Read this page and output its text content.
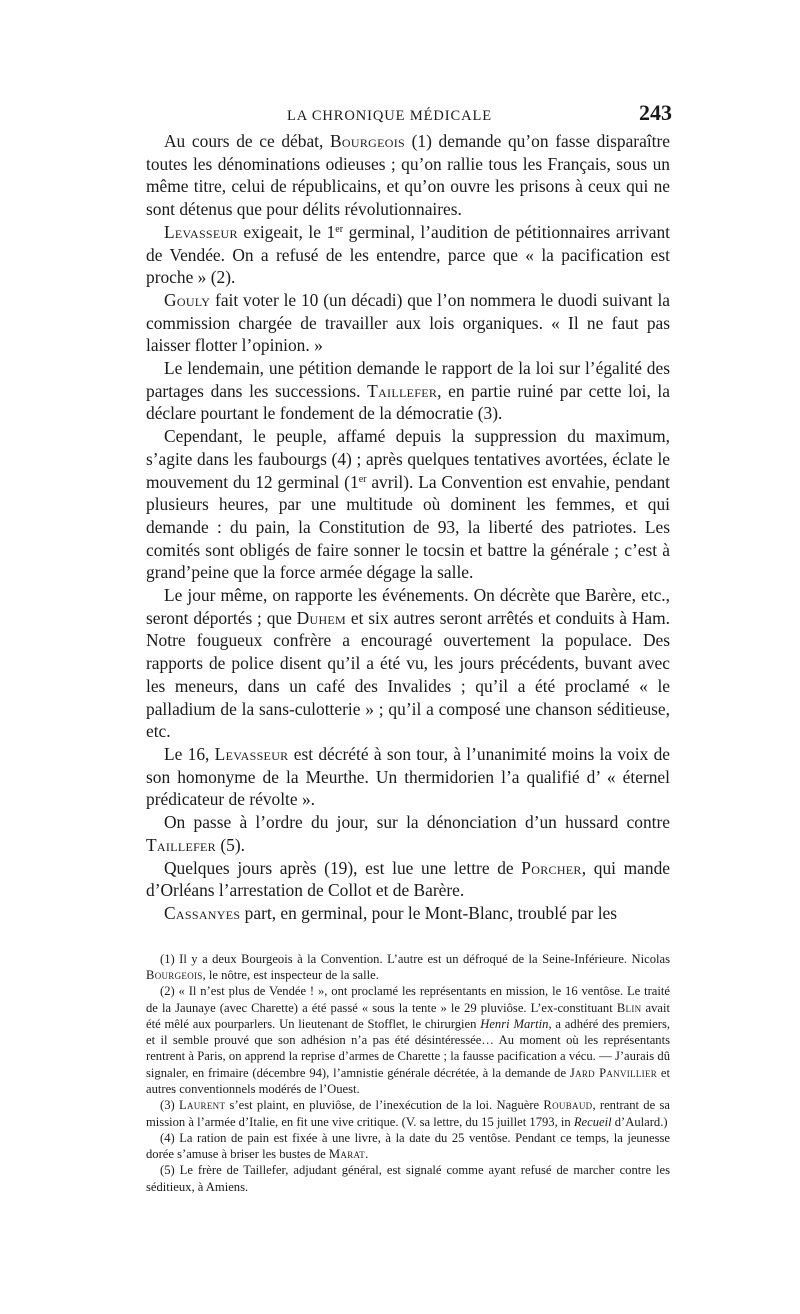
LA CHRONIQUE MÉDICALE	243

Au cours de ce débat, Bourgeois (1) demande qu’on fasse disparaître toutes les dénominations odieuses ; qu’on rallie tous les Français, sous un même titre, celui de républicains, et qu’on ouvre les prisons à ceux qui ne sont détenus que pour délits révolutionnaires.

Levasseur exigeait, le 1er germinal, l’audition de pétitionnaires arrivant de Vendée. On a refusé de les entendre, parce que « la pacification est proche » (2).

Gouly fait voter le 10 (un décadi) que l’on nommera le duodi suivant la commission chargée de travailler aux lois organiques. « Il ne faut pas laisser flotter l’opinion. »

Le lendemain, une pétition demande le rapport de la loi sur l’égalité des partages dans les successions. Taillefer, en partie ruiné par cette loi, la déclare pourtant le fondement de la démocratie (3).

Cependant, le peuple, affamé depuis la suppression du maximum, s’agite dans les faubourgs (4) ; après quelques tentatives avortées, éclate le mouvement du 12 germinal (1er avril). La Convention est envahie, pendant plusieurs heures, par une multitude où dominent les femmes, et qui demande : du pain, la Constitution de 93, la liberté des patriotes. Les comités sont obligés de faire sonner le tocsin et battre la générale ; c’est à grand’peine que la force armée dégage la salle.

Le jour même, on rapporte les événements. On décrète que Barère, etc., seront déportés ; que Duhem et six autres seront arrêtés et conduits à Ham. Notre fougueux confrère a encouragé ouvertement la populace. Des rapports de police disent qu’il a été vu, les jours précédents, buvant avec les meneurs, dans un café des Invalides ; qu’il a été proclamé « le palladium de la sans-culotterie » ; qu’il a composé une chanson séditieuse, etc.

Le 16, Levasseur est décrété à son tour, à l’unanimité moins la voix de son homonyme de la Meurthe. Un thermidorien l’a qualifié d’ « éternel prédicateur de révolte ».

On passe à l’ordre du jour, sur la dénonciation d’un hussard contre Taillefer (5).

Quelques jours après (19), est lue une lettre de Porcher, qui mande d’Orléans l’arrestation de Collot et de Barère.

Cassanyes part, en germinal, pour le Mont-Blanc, troublé par les

(1) Il y a deux Bourgeois à la Convention. L’autre est un défroqué de la Seine-Inférieure. Nicolas Bourgeois, le nôtre, est inspecteur de la salle.

(2) « Il n’est plus de Vendée ! », ont proclamé les représentants en mission, le 16 ventôse. Le traité de la Jaunaye (avec Charette) a été passé « sous la tente » le 29 pluviôse. L’ex-constituant Blin avait été mêlé aux pourparlers. Un lieutenant de Stofflet, le chirurgien Henri Martin, a adhéré des premiers, et il semble prouvé que son adhésion n’a pas été désintéressée… Au moment où les représentants rentrent à Paris, on apprend la reprise d’armes de Charette ; la fausse pacification a vécu. — J’aurais dû signaler, en frimaire (décembre 94), l’amnistie générale décrétée, à la demande de Jard Panvillier et autres conventionnels modérés de l’Ouest.

(3) Laurent s’est plaint, en pluviôse, de l’inexécution de la loi. Naguère Roubaud, rentrant de sa mission à l’armée d’Italie, en fit une vive critique. (V. sa lettre, du 15 juillet 1793, in Recueil d’Aulard.)

(4) La ration de pain est fixée à une livre, à la date du 25 ventôse. Pendant ce temps, la jeunesse dorée s’amuse à briser les bustes de Marat.

(5) Le frère de Taillefer, adjudant général, est signalé comme ayant refusé de marcher contre les séditieux, à Amiens.
